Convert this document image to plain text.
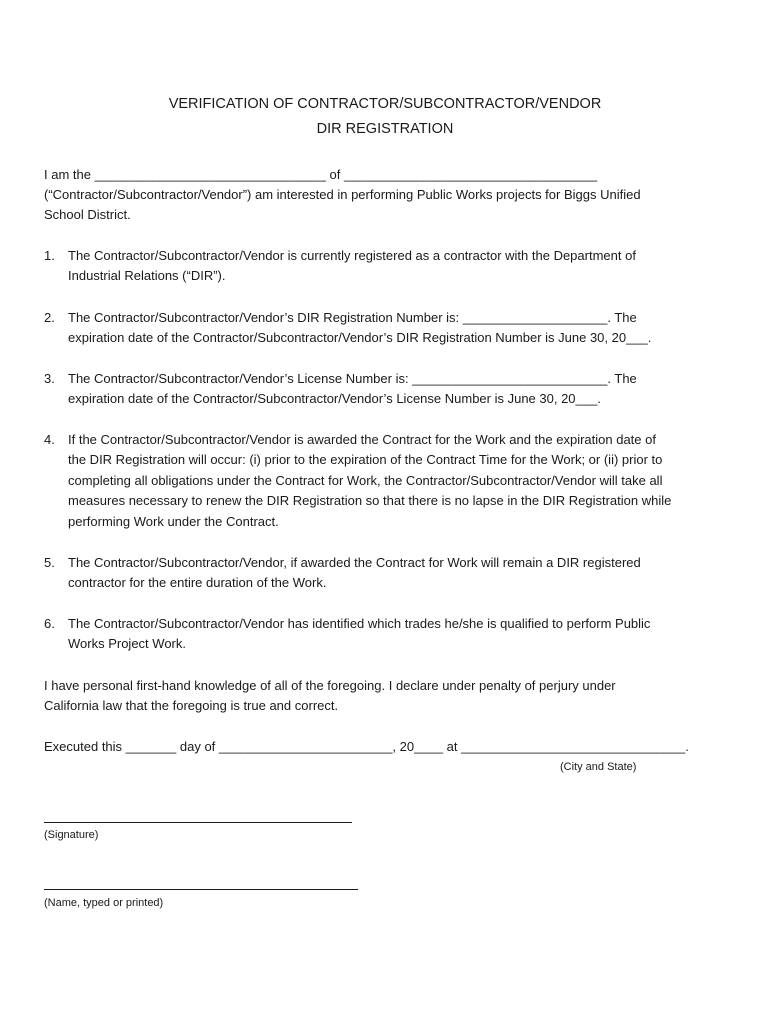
VERIFICATION OF CONTRACTOR/SUBCONTRACTOR/VENDOR
DIR REGISTRATION
I am the ________________________________ of ___________________________________
(“Contractor/Subcontractor/Vendor”) am interested in performing Public Works projects for Biggs Unified
School District.
1. The Contractor/Subcontractor/Vendor is currently registered as a contractor with the Department of
Industrial Relations (“DIR”).
2. The Contractor/Subcontractor/Vendor’s DIR Registration Number is: ____________________. The
expiration date of the Contractor/Subcontractor/Vendor’s DIR Registration Number is June 30, 20___.
3. The Contractor/Subcontractor/Vendor’s License Number is: ___________________________. The
expiration date of the Contractor/Subcontractor/Vendor’s License Number is June 30, 20___.
4. If the Contractor/Subcontractor/Vendor is awarded the Contract for the Work and the expiration date of
the DIR Registration will occur: (i) prior to the expiration of the Contract Time for the Work; or (ii) prior to
completing all obligations under the Contract for Work, the Contractor/Subcontractor/Vendor will take all
measures necessary to renew the DIR Registration so that there is no lapse in the DIR Registration while
performing Work under the Contract.
5. The Contractor/Subcontractor/Vendor, if awarded the Contract for Work will remain a DIR registered
contractor for the entire duration of the Work.
6. The Contractor/Subcontractor/Vendor has identified which trades he/she is qualified to perform Public
Works Project Work.
I have personal first-hand knowledge of all of the foregoing. I declare under penalty of perjury under
California law that the foregoing is true and correct.
Executed this _______ day of ________________________, 20____ at _______________________________.
(City and State)
(Signature)
(Name, typed or printed)
